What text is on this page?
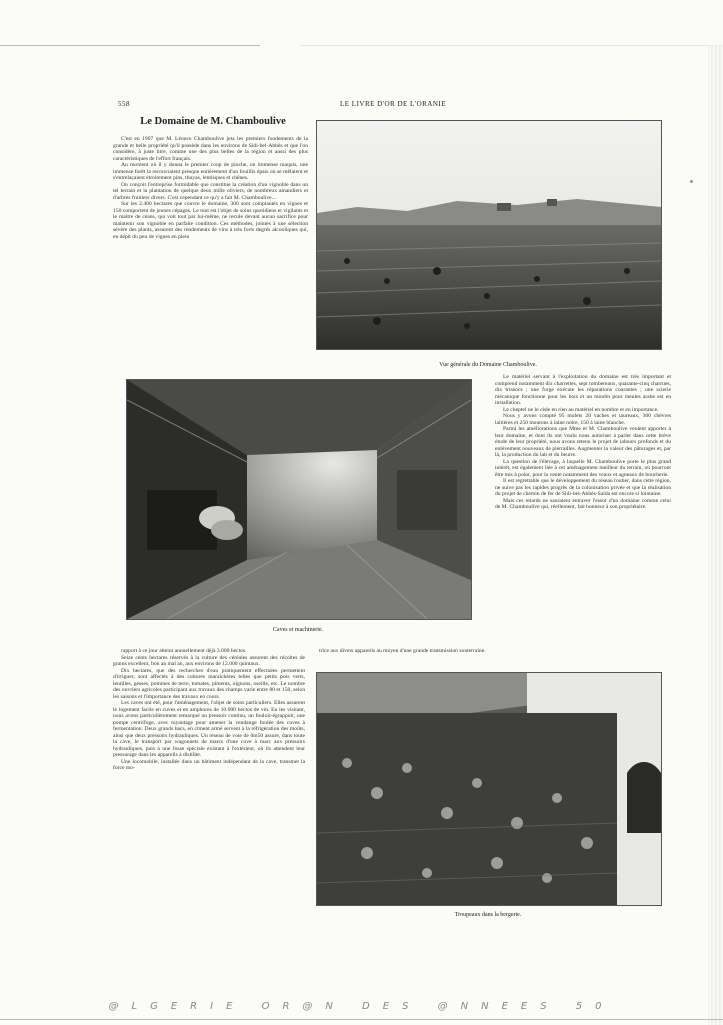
558	LE LIVRE D'OR DE L'ORANIE
Le Domaine de M. Chamboulive

C'est en 1907 que M. Léonce Chamboulive jeta les premiers fondements de la grande et belle propriété qu'il possède dans les environs de Sidi-bel-Abbès et que l'on considère, à juste titre, comme une des plus belles de la région et aussi des plus caractéristiques de l'effort français.

Au moment où il y donna le premier coup de pioche, un immense maquis, une immense forêt la recouvraient presque entièrement d'un fouillis épais où se mêlaient et s'entrelaçaient étroitement pins, thuyas, lentisques et chênes.

On conçoit l'entreprise formidable que constitue la création d'un vignoble dans un tel terrain et la plantation de quelque deux mille oliviers, de nombreux amandiers et d'arbres fruitiers divers. C'est cependant ce qu'y a fait M. Chamboulive...

Sur les 2.400 hectares que couvre le domaine, 300 sont complantés en vignes et 150 comportent de jeunes cépages. Le tout est l'objet de soins quotidiens et vigilants et le maître de céans, qui voit tout par lui-même, ne recule devant aucun sacrifice pour maintenir son vignoble en parfaite condition. Ces méthodes, jointes à une sélection sévère des plants, assurent des rendements de vins à très forts degrés alcooliques qui, en dépit du peu de vignes en plein

Vue générale du Domaine Chamboulive.

Le matériel servant à l'exploitation du domaine est très important et comprend notamment dix charrettes, sept tombereaux, quarante-cinq charrues, dix triseocs ; une forge exécute les réparations courantes ; une scierie mécanique fonctionne pour les bois et un moulin pour meules arabe est en installation.

Le cheptel ne le cède en rien au matériel en nombre et en importance.

Nous y avons compté 95 mulets 20 vaches et taureaux, 300 chèvres laitières et 250 moutons à laine noire, 150 à laine blanche.

Parmi les améliorations que Mme et M. Chamboulive veulent apporter à leur domaine, et dont ils ont voulu nous autoriser à parler dans cette brève étude de leur propriété, nous avons retenu le projet de labours profonds et du enlèvement nouveaux de pierrailles. Augmenter la valeur des pâturages et, par là, la production du lait et du beurre.

La question de l'élevage, à laquelle M. Chamboulive porte le plus grand intérêt, est également liée à cet aménagement meilleur du terrain, où pourront être mis à point, pour la vente notamment des veaux et agneaux de boucherie.

Il est regrettable que le développement du réseau routier, dans cette région, ne suive pas les rapides progrès de la colonisation privée et que la réalisation du projet de chemin de fer de Sidi-bel-Abbès-Saïda est encore si lointaine.

Mais ces retards ne sauraient entraver l'essor d'un domaine comme celui de M. Chamboulive qui, réellement, fait honneur à son propriétaire.

Caves et machinerie.

rapport à ce jour atteint annuellement déjà 3.000 hectos.

Seize cents hectares réservés à la culture des céréales assurent des récoltes de grains excellent, bon an mal an, aux environs de 12.000 quintaux.

Dix hectares, que des recherches d'eau pratiquement effectuées permettent d'irriguer, sont affectés à des cultures maraîchères telles que petits pois verts, lentilles, gesses, pommes de terre, tomates, piments, oignons, oseille, etc. Le nombre des ouvriers agricoles participant aux travaux des champs varie entre 80 et 150, selon les saisons et l'importance des travaux en cours.

Les caves ont été, pour l'aménagement, l'objet de soins particuliers. Elles assurent le logement facile en cuves et en amphores de 10.000 hectos de vin. En les visitant, nous avons particulièrement remarqué un pressoir continu, un fouloir-égrappoir, une pompe centrifuge, avec tuyautage pour amener la vendange foulée des cuves à fermentation. Deux grands bacs, en ciment armé servent à la réfrigération des moûts, ainsi que deux pressoirs hydrauliques. Un réseau de voie de 0m50 assure, dans toute la cave, le transport par wagonnets de marcs d'une cuve à marc aux pressoirs hydrauliques, puis à une fosse spéciale existant à l'extérieur, où ils attendent leur pressurage dans les appareils à distiller.

Une locomobile, installée dans un bâtiment indépendant de la cave, transmet la force mo-

trice aux divers appareils au moyen d'une grande transmission souterraine.

Troupeaux dans la bergerie.
@LGERIE OR@N DES @NNEES 50
